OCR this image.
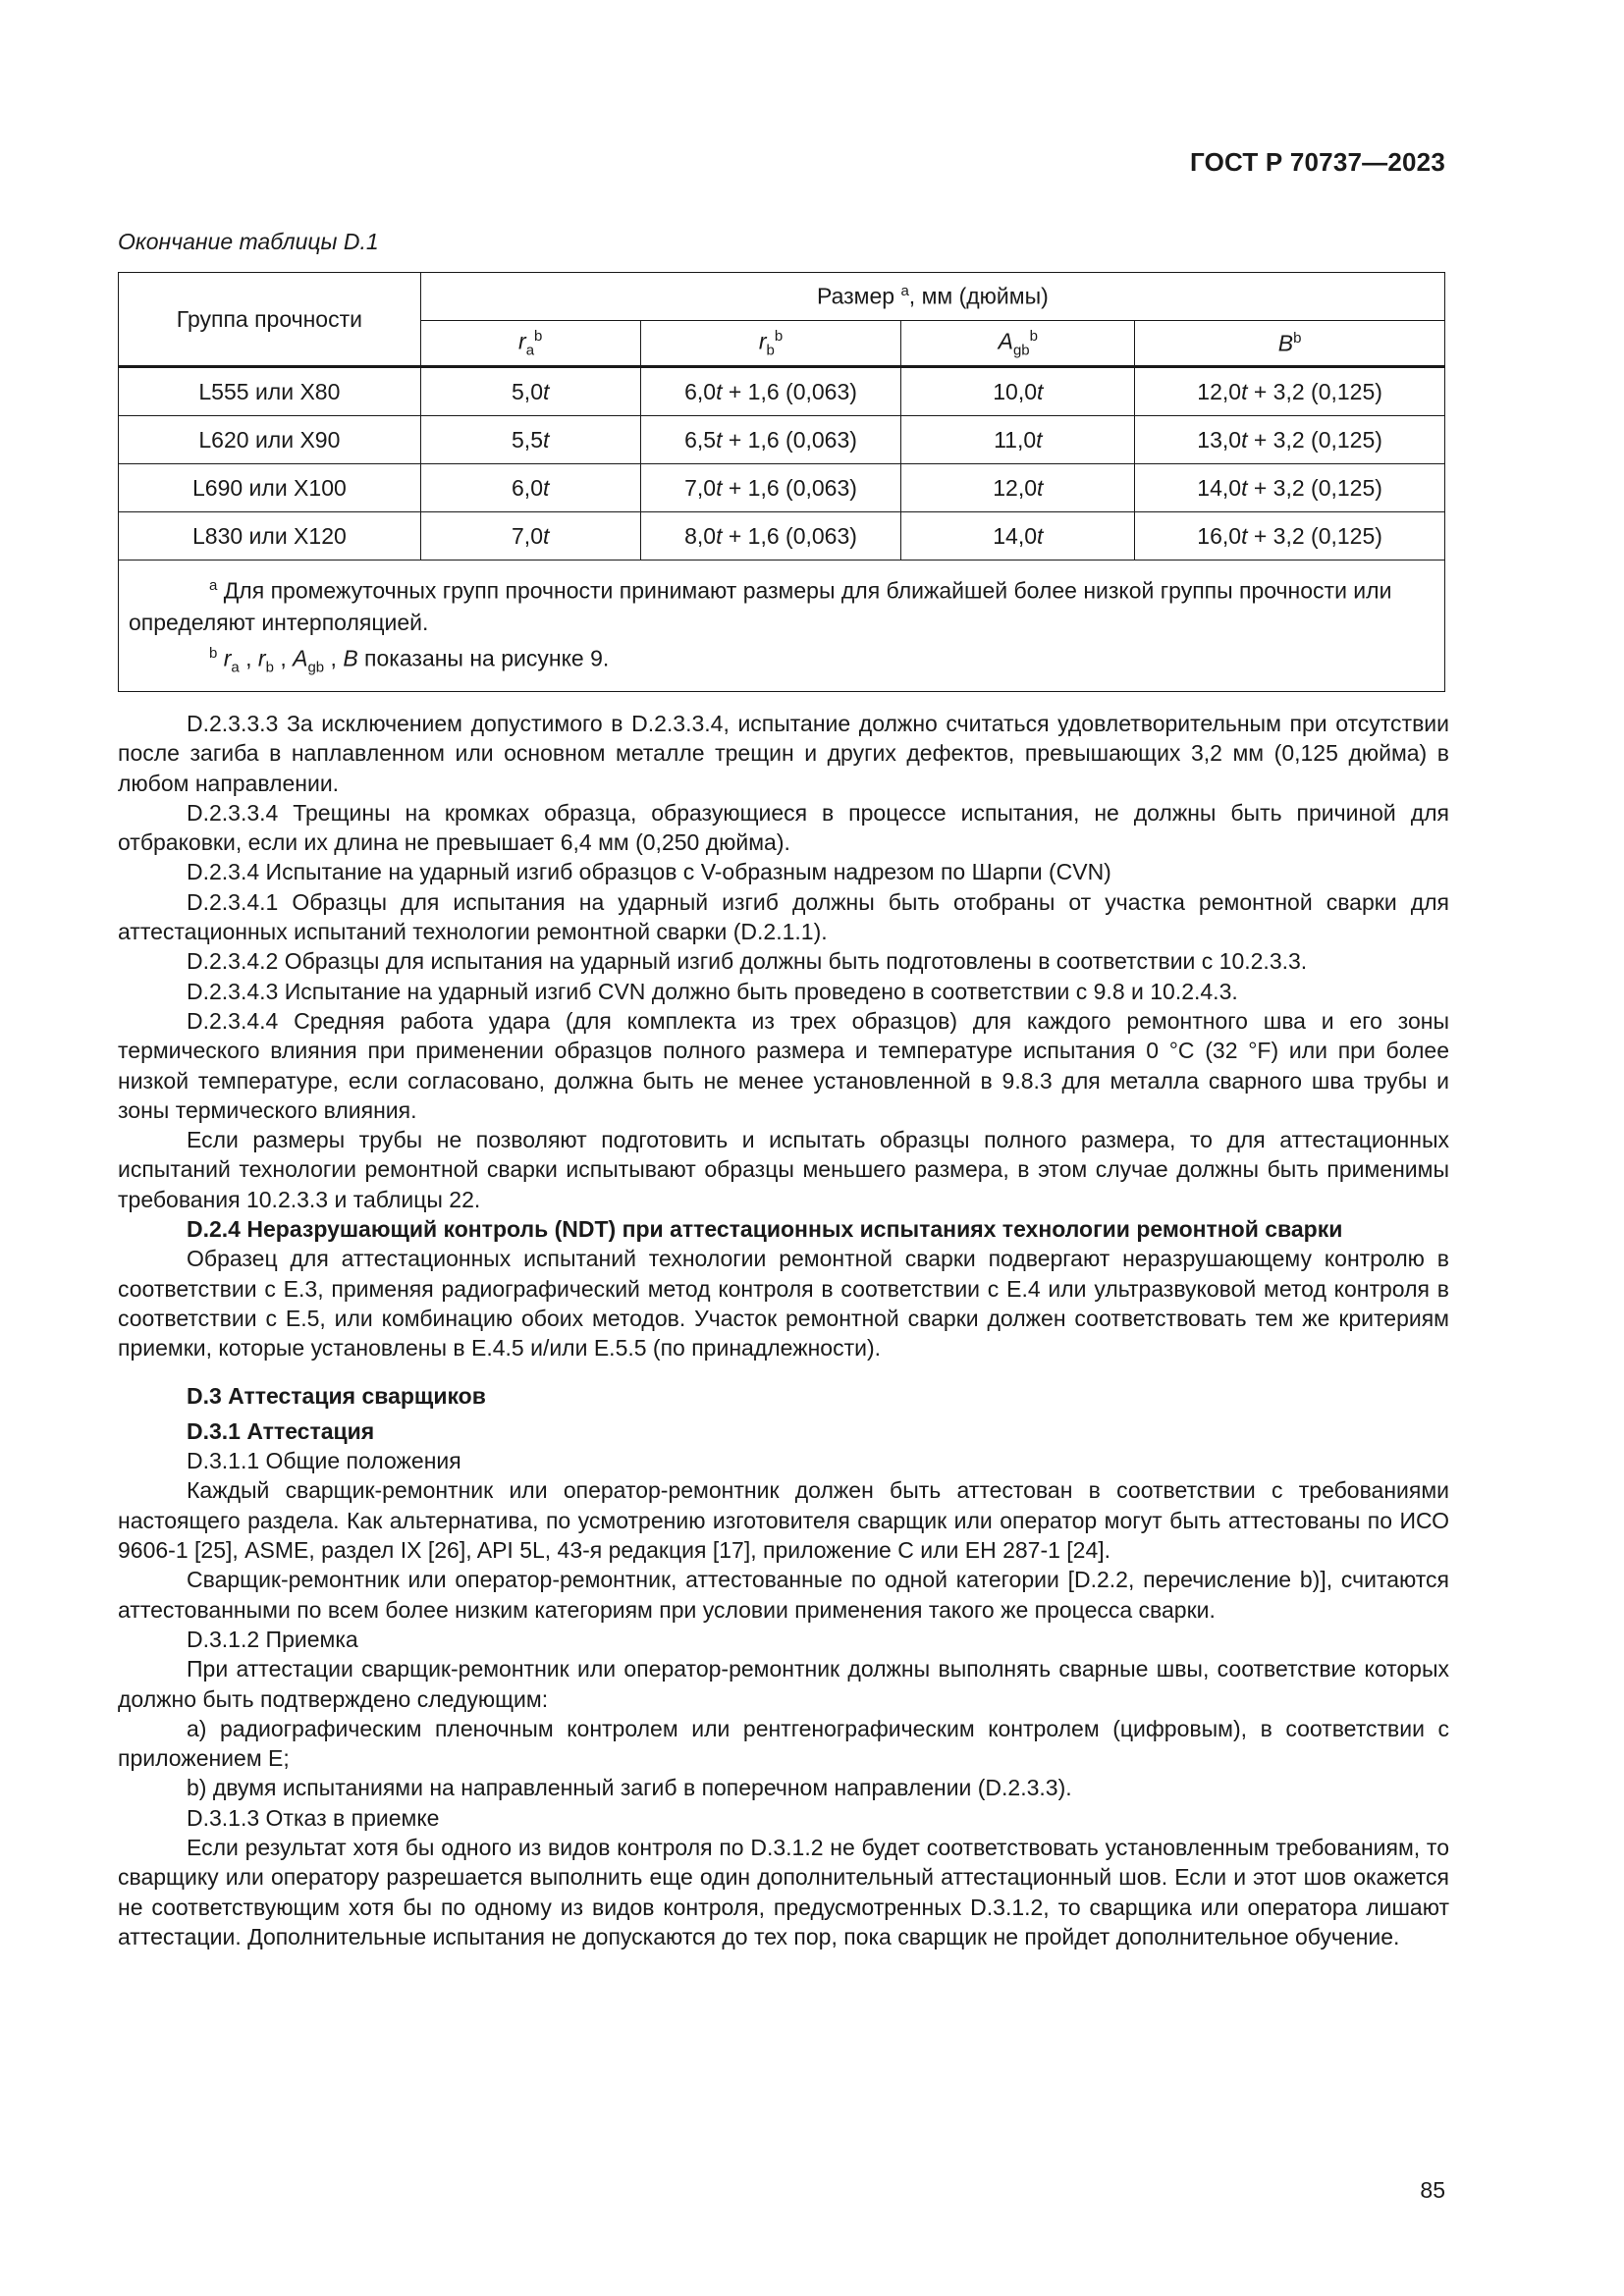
ГОСТ Р 70737—2023
Окончание таблицы D.1
Группа прочности	Размер $^a$, мм (дюймы)			
	$r_a^b$	$r_b^b$	$A_{gb}^b$	$B^b$
L555 или X80	5,0t	6,0t + 1,6 (0,063)	10,0t	12,0t + 3,2 (0,125)
L620 или X90	5,5t	6,5t + 1,6 (0,063)	11,0t	13,0t + 3,2 (0,125)
L690 или X100	6,0t	7,0t + 1,6 (0,063)	12,0t	14,0t + 3,2 (0,125)
L830 или X120	7,0t	8,0t + 1,6 (0,063)	14,0t	16,0t + 3,2 (0,125)

$^a$ Для промежуточных групп прочности принимают размеры для ближайшей более низкой группы прочности или определяют интерполяцией.
$^b$ $r_a$ , $r_b$ , $A_{gb}$ , B показаны на рисунке 9.				

D.2.3.3.3 За исключением допустимого в D.2.3.3.4, испытание должно считаться удовлетворительным при отсутствии после загиба в наплавленном или основном металле трещин и других дефектов, превышающих 3,2 мм (0,125 дюйма) в любом направлении.

D.2.3.3.4 Трещины на кромках образца, образующиеся в процессе испытания, не должны быть причиной для отбраковки, если их длина не превышает 6,4 мм (0,250 дюйма).

D.2.3.4 Испытание на ударный изгиб образцов с V-образным надрезом по Шарпи (CVN)

D.2.3.4.1 Образцы для испытания на ударный изгиб должны быть отобраны от участка ремонтной сварки для аттестационных испытаний технологии ремонтной сварки (D.2.1.1).

D.2.3.4.2 Образцы для испытания на ударный изгиб должны быть подготовлены в соответствии с 10.2.3.3.

D.2.3.4.3 Испытание на ударный изгиб CVN должно быть проведено в соответствии с 9.8 и 10.2.4.3.

D.2.3.4.4 Средняя работа удара (для комплекта из трех образцов) для каждого ремонтного шва и его зоны термического влияния при применении образцов полного размера и температуре испытания 0 °С (32 °F) или при более низкой температуре, если согласовано, должна быть не менее установленной в 9.8.3 для металла сварного шва трубы и зоны термического влияния.

Если размеры трубы не позволяют подготовить и испытать образцы полного размера, то для аттестационных испытаний технологии ремонтной сварки испытывают образцы меньшего размера, в этом случае должны быть применимы требования 10.2.3.3 и таблицы 22.

D.2.4 Неразрушающий контроль (NDT) при аттестационных испытаниях технологии ремонтной сварки

Образец для аттестационных испытаний технологии ремонтной сварки подвергают неразрушающему контролю в соответствии с Е.3, применяя радиографический метод контроля в соответствии с Е.4 или ультразвуковой метод контроля в соответствии с Е.5, или комбинацию обоих методов. Участок ремонтной сварки должен соответствовать тем же критериям приемки, которые установлены в Е.4.5 и/или Е.5.5 (по принадлежности).

D.3 Аттестация сварщиков

D.3.1 Аттестация

D.3.1.1 Общие положения

Каждый сварщик-ремонтник или оператор-ремонтник должен быть аттестован в соответствии с требованиями настоящего раздела. Как альтернатива, по усмотрению изготовителя сварщик или оператор могут быть аттестованы по ИСО 9606-1 [25], ASME, раздел IX [26], API 5L, 43-я редакция [17], приложение С или ЕН 287-1 [24].

Сварщик-ремонтник или оператор-ремонтник, аттестованные по одной категории [D.2.2, перечисление b)], считаются аттестованными по всем более низким категориям при условии применения такого же процесса сварки.

D.3.1.2 Приемка

При аттестации сварщик-ремонтник или оператор-ремонтник должны выполнять сварные швы, соответствие которых должно быть подтверждено следующим:

a) радиографическим пленочным контролем или рентгенографическим контролем (цифровым), в соответствии с приложением Е;

b) двумя испытаниями на направленный загиб в поперечном направлении (D.2.3.3).

D.3.1.3 Отказ в приемке

Если результат хотя бы одного из видов контроля по D.3.1.2 не будет соответствовать установленным требованиям, то сварщику или оператору разрешается выполнить еще один дополнительный аттестационный шов. Если и этот шов окажется не соответствующим хотя бы по одному из видов контроля, предусмотренных D.3.1.2, то сварщика или оператора лишают аттестации. Дополнительные испытания не допускаются до тех пор, пока сварщик не пройдет дополнительное обучение.

85
